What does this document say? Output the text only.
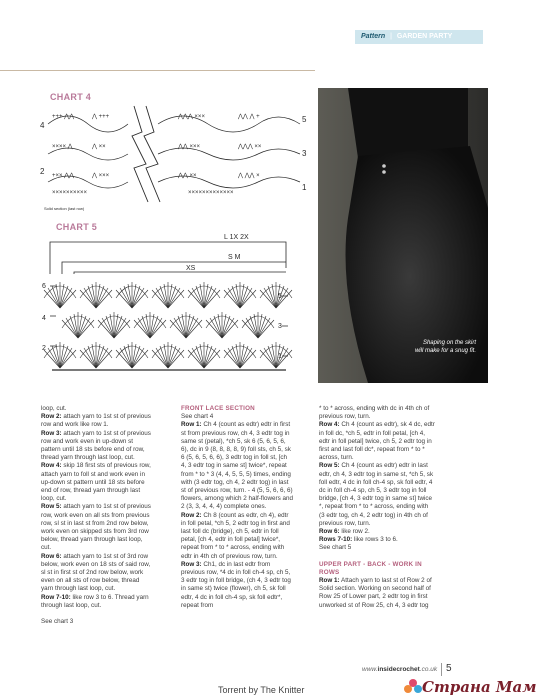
Pattern | GARDEN PARTY
CHART 4
+++ ⋀⋀	⋀ +++	⋀⋀⋀ ×××	⋀⋀ ⋀ +
×××× ⋀	⋀ ××	⋀⋀ ×××	⋀⋀⋀ ××
+×× ⋀⋀	⋀ ×××	⋀⋀ ××	⋀ ⋀⋀ ×
××××××××××	×××××××××××××
4
2
5
3
1
Solid section (last row)
CHART 5
L 1X 2X
S M
XS
6
4
2
5
3
1
Shaping on the skirt will make for a snug fit.

loop, cut.

Row 2: attach yarn to 1st st of previous row and work like row 1.

Row 3: attach yarn to 1st st of previous row and work even in up-down st pattern until 18 sts before end of row, thread yarn through last loop, cut.

Row 4: skip 18 first sts of previous row, attach yarn to foll st and work even in up-down st pattern until 18 sts before end of row, thread yarn through last loop, cut.

Row 5: attach yarn to 1st st of previous row, work even on all sts from previous row, sl st in last st from 2nd row below, work even on skipped sts from 3rd row below, thread yarn through last loop, cut.

Row 6: attach yarn to 1st st of 3rd row below, work even on 18 sts of said row, sl st in first st of 2nd row below, work even on all sts of row below, thread yarn through last loop, cut.

Row 7-10: like row 3 to 6. Thread yarn through last loop, cut.

See chart 3

FRONT LACE SECTION

See chart 4

Row 1: Ch 4 (count as edtr) edtr in first st from previous row, ch 4, 3 edtr tog in same st (petal), *ch 5, sk 6 (5, 6, 5, 6, 6), dc in 9 (8, 8, 8, 8, 9) foll sts, ch 5, sk 6 (5, 6, 5, 6, 6), 3 edtr tog in foll st, [ch 4, 3 edtr tog in same st] twice*, repeat from * to * 3 (4, 4, 5, 5, 5) times, ending with (3 edtr tog, ch 4, 2 edtr tog) in last st of previous row, turn. - 4 (5, 5, 6, 6, 6) flowers, among which 2 half-flowers and 2 (3, 3, 4, 4, 4) complete ones.

Row 2: Ch 8 (count as edtr, ch 4), edtr in foll petal, *ch 5, 2 edtr tog in first and last foll dc (bridge), ch 5, edtr in foll petal, [ch 4, edtr in foll petal] twice*, repeat from * to * across, ending with edtr in 4th ch of previous row, turn.

Row 3: Ch1, dc in last edtr from previous row, *4 dc in foll ch-4 sp, ch 5, 3 edtr tog in foll bridge, (ch 4, 3 edtr tog in same st) twice (flower), ch 5, sk foll edtr, 4 dc in foll ch-4 sp, sk foll edtr*, repeat from

* to * across, ending with dc in 4th ch of previous row, turn.

Row 4: Ch 4 (count as edtr), sk 4 dc, edtr in foll dc, *ch 5, edtr in foll petal, [ch 4, edtr in foll petal] twice, ch 5, 2 edtr tog in first and last foll dc*, repeat from * to * across, turn.

Row 5: Ch 4 (count as edtr) edtr in last edtr, ch 4, 3 edtr tog in same st, *ch 5, sk foll edtr, 4 dc in foll ch-4 sp, sk foll edtr, 4 dc in foll ch-4 sp, ch 5, 3 edtr tog in foll bridge, [ch 4, 3 edtr tog in same st] twice *, repeat from * to * across, ending with (3 edtr tog, ch 4, 2 edtr tog) in 4th ch of previous row, turn.

Row 6: like row 2.

Rows 7-10: like rows 3 to 6.

See chart 5

UPPER PART - BACK - WORK IN ROWS

Row 1: Attach yarn to last st of Row 2 of Solid section. Working on second half of Row 25 of Lower part, 2 edtr tog in first unworked st of Row 25, ch 4, 3 edtr tog

www.insidecrochet.co.uk 5
Torrent by The Knitter	Страна Мам
